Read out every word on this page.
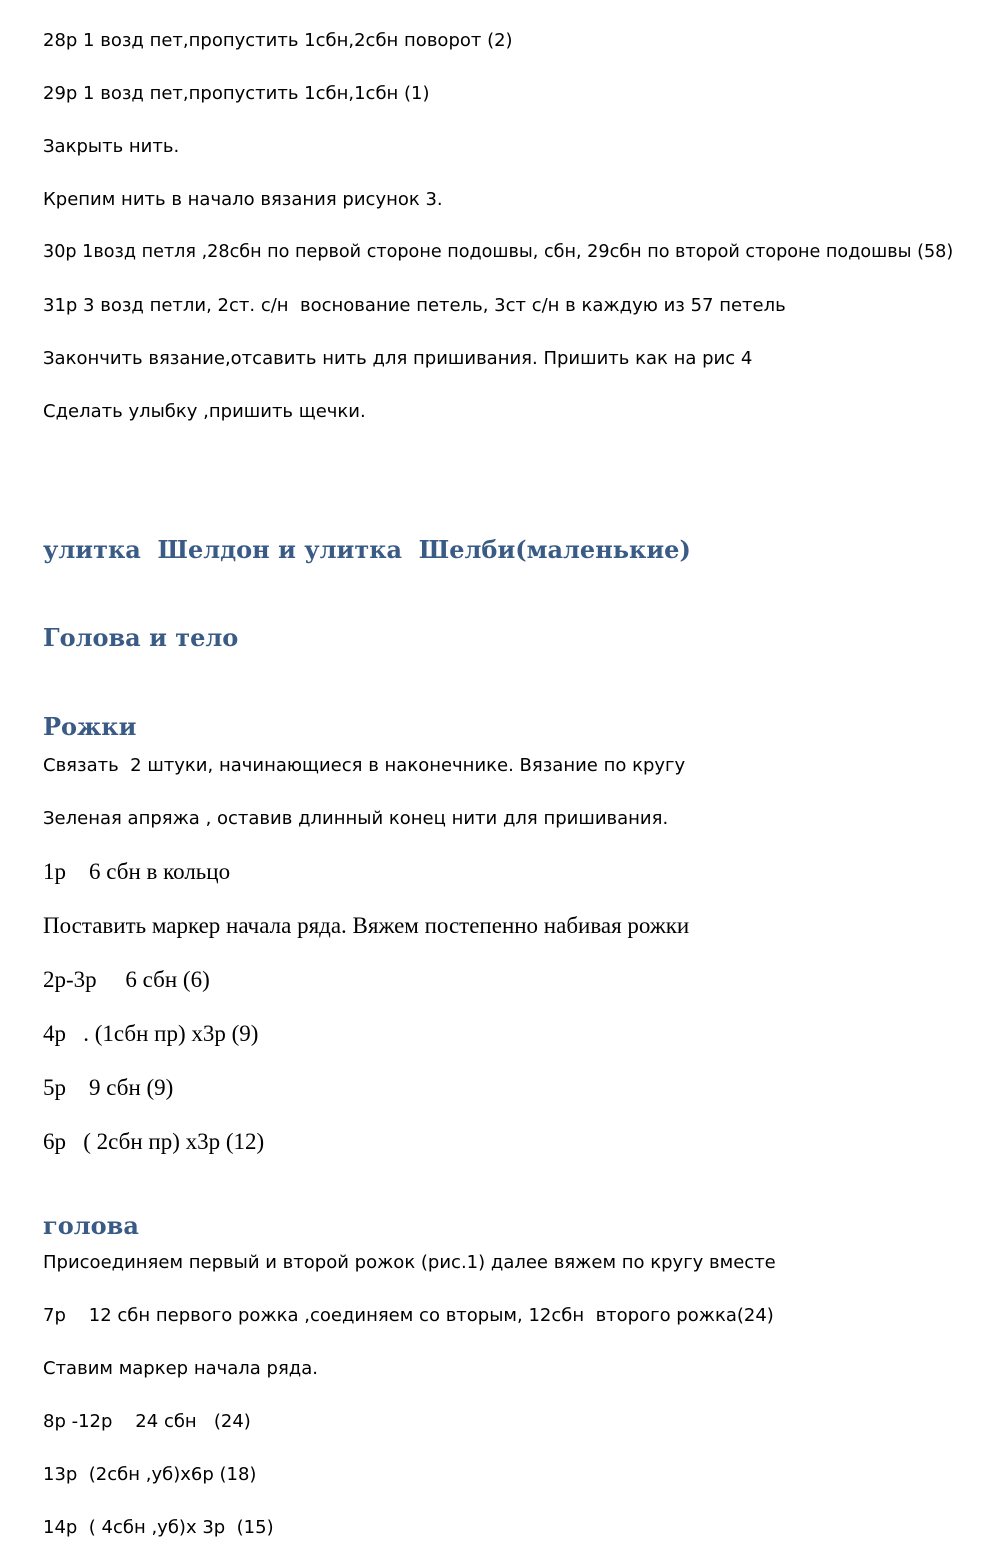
28р 1 возд пет,пропустить 1сбн,2сбн поворот (2)
29р 1 возд пет,пропустить 1сбн,1сбн (1)
Закрыть нить.
Крепим нить в начало вязания рисунок 3.
30р 1возд петля ,28сбн по первой стороне подошвы, сбн, 29сбн по второй стороне подошвы (58)
31р 3 возд петли, 2ст. с/н  воснование петель, 3ст с/н в каждую из 57 петель
Закончить вязание,отсавить нить для пришивания. Пришить как на рис 4
Сделать улыбку ,пришить щечки.
улитка  Шелдон и улитка  Шелби(маленькие)
Голова и тело
Рожки
Связать  2 штуки, начинающиеся в наконечнике. Вязание по кругу
Зеленая апряжа , оставив длинный конец нити для пришивания.
1р    6 сбн в кольцо
Поставить маркер начала ряда. Вяжем постепенно набивая рожки
2р-3р     6 сбн (6)
4р   . (1сбн пр) х3р (9)
5р    9 сбн (9)
6р   ( 2сбн пр) х3р (12)
голова
Присоединяем первый и второй рожок (рис.1) далее вяжем по кругу вместе
7р    12 сбн первого рожка ,соединяем со вторым, 12сбн  второго рожка(24)
Ставим маркер начала ряда.
8р -12р    24 сбн   (24)
13р  (2сбн ,уб)х6р (18)
14р  ( 4сбн ,уб)х 3р  (15)
